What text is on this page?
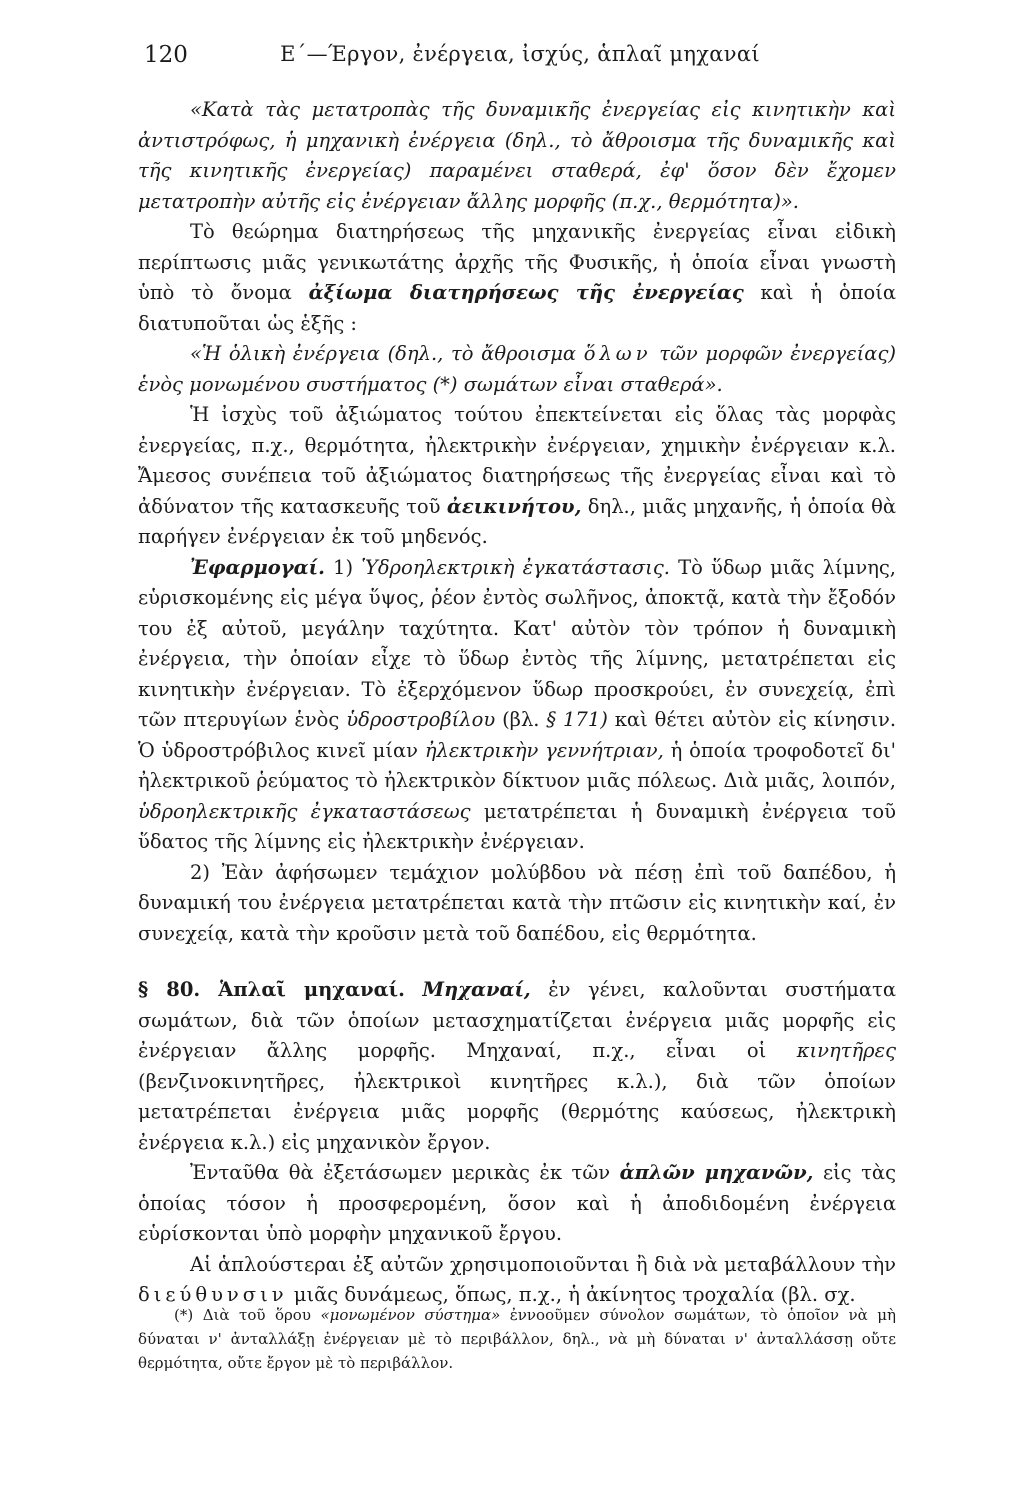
120	Ε΄—Έργον, ἐνέργεια, ἰσχύς, ἁπλαῖ μηχαναί

«Κατὰ τὰς μετατροπὰς τῆς δυναμικῆς ἐνεργείας εἰς κινητικὴν καὶ ἀντιστρόφως, ἡ μηχανικὴ ἐνέργεια (δηλ., τὸ ἄθροισμα τῆς δυναμικῆς καὶ τῆς κινητικῆς ἐνεργείας) παραμένει σταθερά, ἐφ' ὅσον δὲν ἔχομεν μετατροπὴν αὐτῆς εἰς ἐνέργειαν ἄλλης μορφῆς (π.χ., θερμότητα)».

Τὸ θεώρημα διατηρήσεως τῆς μηχανικῆς ἐνεργείας εἶναι εἰδικὴ περίπτωσις μιᾶς γενικωτάτης ἀρχῆς τῆς Φυσικῆς, ἡ ὁποία εἶναι γνωστὴ ὑπὸ τὸ ὄνομα ἀξίωμα διατηρήσεως τῆς ἐνεργείας καὶ ἡ ὁποία διατυποῦται ὡς ἑξῆς :

«Ἡ ὁλικὴ ἐνέργεια (δηλ., τὸ ἄθροισμα ὅλων τῶν μορφῶν ἐνεργείας) ἑνὸς μονωμένου συστήματος (*) σωμάτων εἶναι σταθερά».

Ἡ ἰσχὺς τοῦ ἀξιώματος τούτου ἐπεκτείνεται εἰς ὅλας τὰς μορφὰς ἐνεργείας, π.χ., θερμότητα, ἠλεκτρικὴν ἐνέργειαν, χημικὴν ἐνέργειαν κ.λ. Ἄμεσος συνέπεια τοῦ ἀξιώματος διατηρήσεως τῆς ἐνεργείας εἶναι καὶ τὸ ἀδύνατον τῆς κατασκευῆς τοῦ ἀεικινήτου, δηλ., μιᾶς μηχανῆς, ἡ ὁποία θὰ παρήγεν ἐνέργειαν ἐκ τοῦ μηδενός.

Ἐφαρμογαί. 1) Ὑδροηλεκτρικὴ ἐγκατάστασις. Τὸ ὕδωρ μιᾶς λίμνης, εὑρισκομένης εἰς μέγα ὕψος, ῥέον ἐντὸς σωλῆνος, ἀποκτᾷ, κατὰ τὴν ἔξοδόν του ἐξ αὐτοῦ, μεγάλην ταχύτητα. Κατ' αὐτὸν τὸν τρόπον ἡ δυναμικὴ ἐνέργεια, τὴν ὁποίαν εἶχε τὸ ὕδωρ ἐντὸς τῆς λίμνης, μετατρέπεται εἰς κινητικὴν ἐνέργειαν. Τὸ ἐξερχόμενον ὕδωρ προσκρούει, ἐν συνεχείᾳ, ἐπὶ τῶν πτερυγίων ἑνὸς ὑδροστροβίλου (βλ. § 171) καὶ θέτει αὐτὸν εἰς κίνησιν. Ὁ ὑδροστρόβιλος κινεῖ μίαν ἠλεκτρικὴν γεννήτριαν, ἡ ὁποία τροφοδοτεῖ δι' ἠλεκτρικοῦ ῥεύματος τὸ ἠλεκτρικὸν δίκτυον μιᾶς πόλεως. Διὰ μιᾶς, λοιπόν, ὑδροηλεκτρικῆς ἐγκαταστάσεως μετατρέπεται ἡ δυναμικὴ ἐνέργεια τοῦ ὕδατος τῆς λίμνης εἰς ἠλεκτρικὴν ἐνέργειαν.

2) Ἐὰν ἀφήσωμεν τεμάχιον μολύβδου νὰ πέσῃ ἐπὶ τοῦ δαπέδου, ἡ δυναμική του ἐνέργεια μετατρέπεται κατὰ τὴν πτῶσιν εἰς κινητικὴν καί, ἐν συνεχείᾳ, κατὰ τὴν κροῦσιν μετὰ τοῦ δαπέδου, εἰς θερμότητα.

§ 80. Ἁπλαῖ μηχαναί. Μηχαναί, ἐν γένει, καλοῦνται συστήματα σωμάτων, διὰ τῶν ὁποίων μετασχηματίζεται ἐνέργεια μιᾶς μορφῆς εἰς ἐνέργειαν ἄλλης μορφῆς. Μηχαναί, π.χ., εἶναι οἱ κινητῆρες (βενζινοκινητῆρες, ἠλεκτρικοὶ κινητῆρες κ.λ.), διὰ τῶν ὁποίων μετατρέπεται ἐνέργεια μιᾶς μορφῆς (θερμότης καύσεως, ἠλεκτρικὴ ἐνέργεια κ.λ.) εἰς μηχανικὸν ἔργον.

Ἐνταῦθα θὰ ἐξετάσωμεν μερικὰς ἐκ τῶν ἁπλῶν μηχανῶν, εἰς τὰς ὁποίας τόσον ἡ προσφερομένη, ὅσον καὶ ἡ ἀποδιδομένη ἐνέργεια εὑρίσκονται ὑπὸ μορφὴν μηχανικοῦ ἔργου.

Αἱ ἁπλούστεραι ἐξ αὐτῶν χρησιμοποιοῦνται ἢ διὰ νὰ μεταβάλλουν τὴν διεύθυνσιν μιᾶς δυνάμεως, ὅπως, π.χ., ἡ ἀκίνητος τροχαλία (βλ. σχ.

(*) Διὰ τοῦ ὅρου «μονωμένον σύστημα» ἐννοοῦμεν σύνολον σωμάτων, τὸ ὁποῖον νὰ μὴ δύναται ν' ἀνταλλάξῃ ἐνέργειαν μὲ τὸ περιβάλλον, δηλ., νὰ μὴ δύναται ν' ἀνταλλάσσῃ οὔτε θερμότητα, οὔτε ἔργον μὲ τὸ περιβάλλον.
